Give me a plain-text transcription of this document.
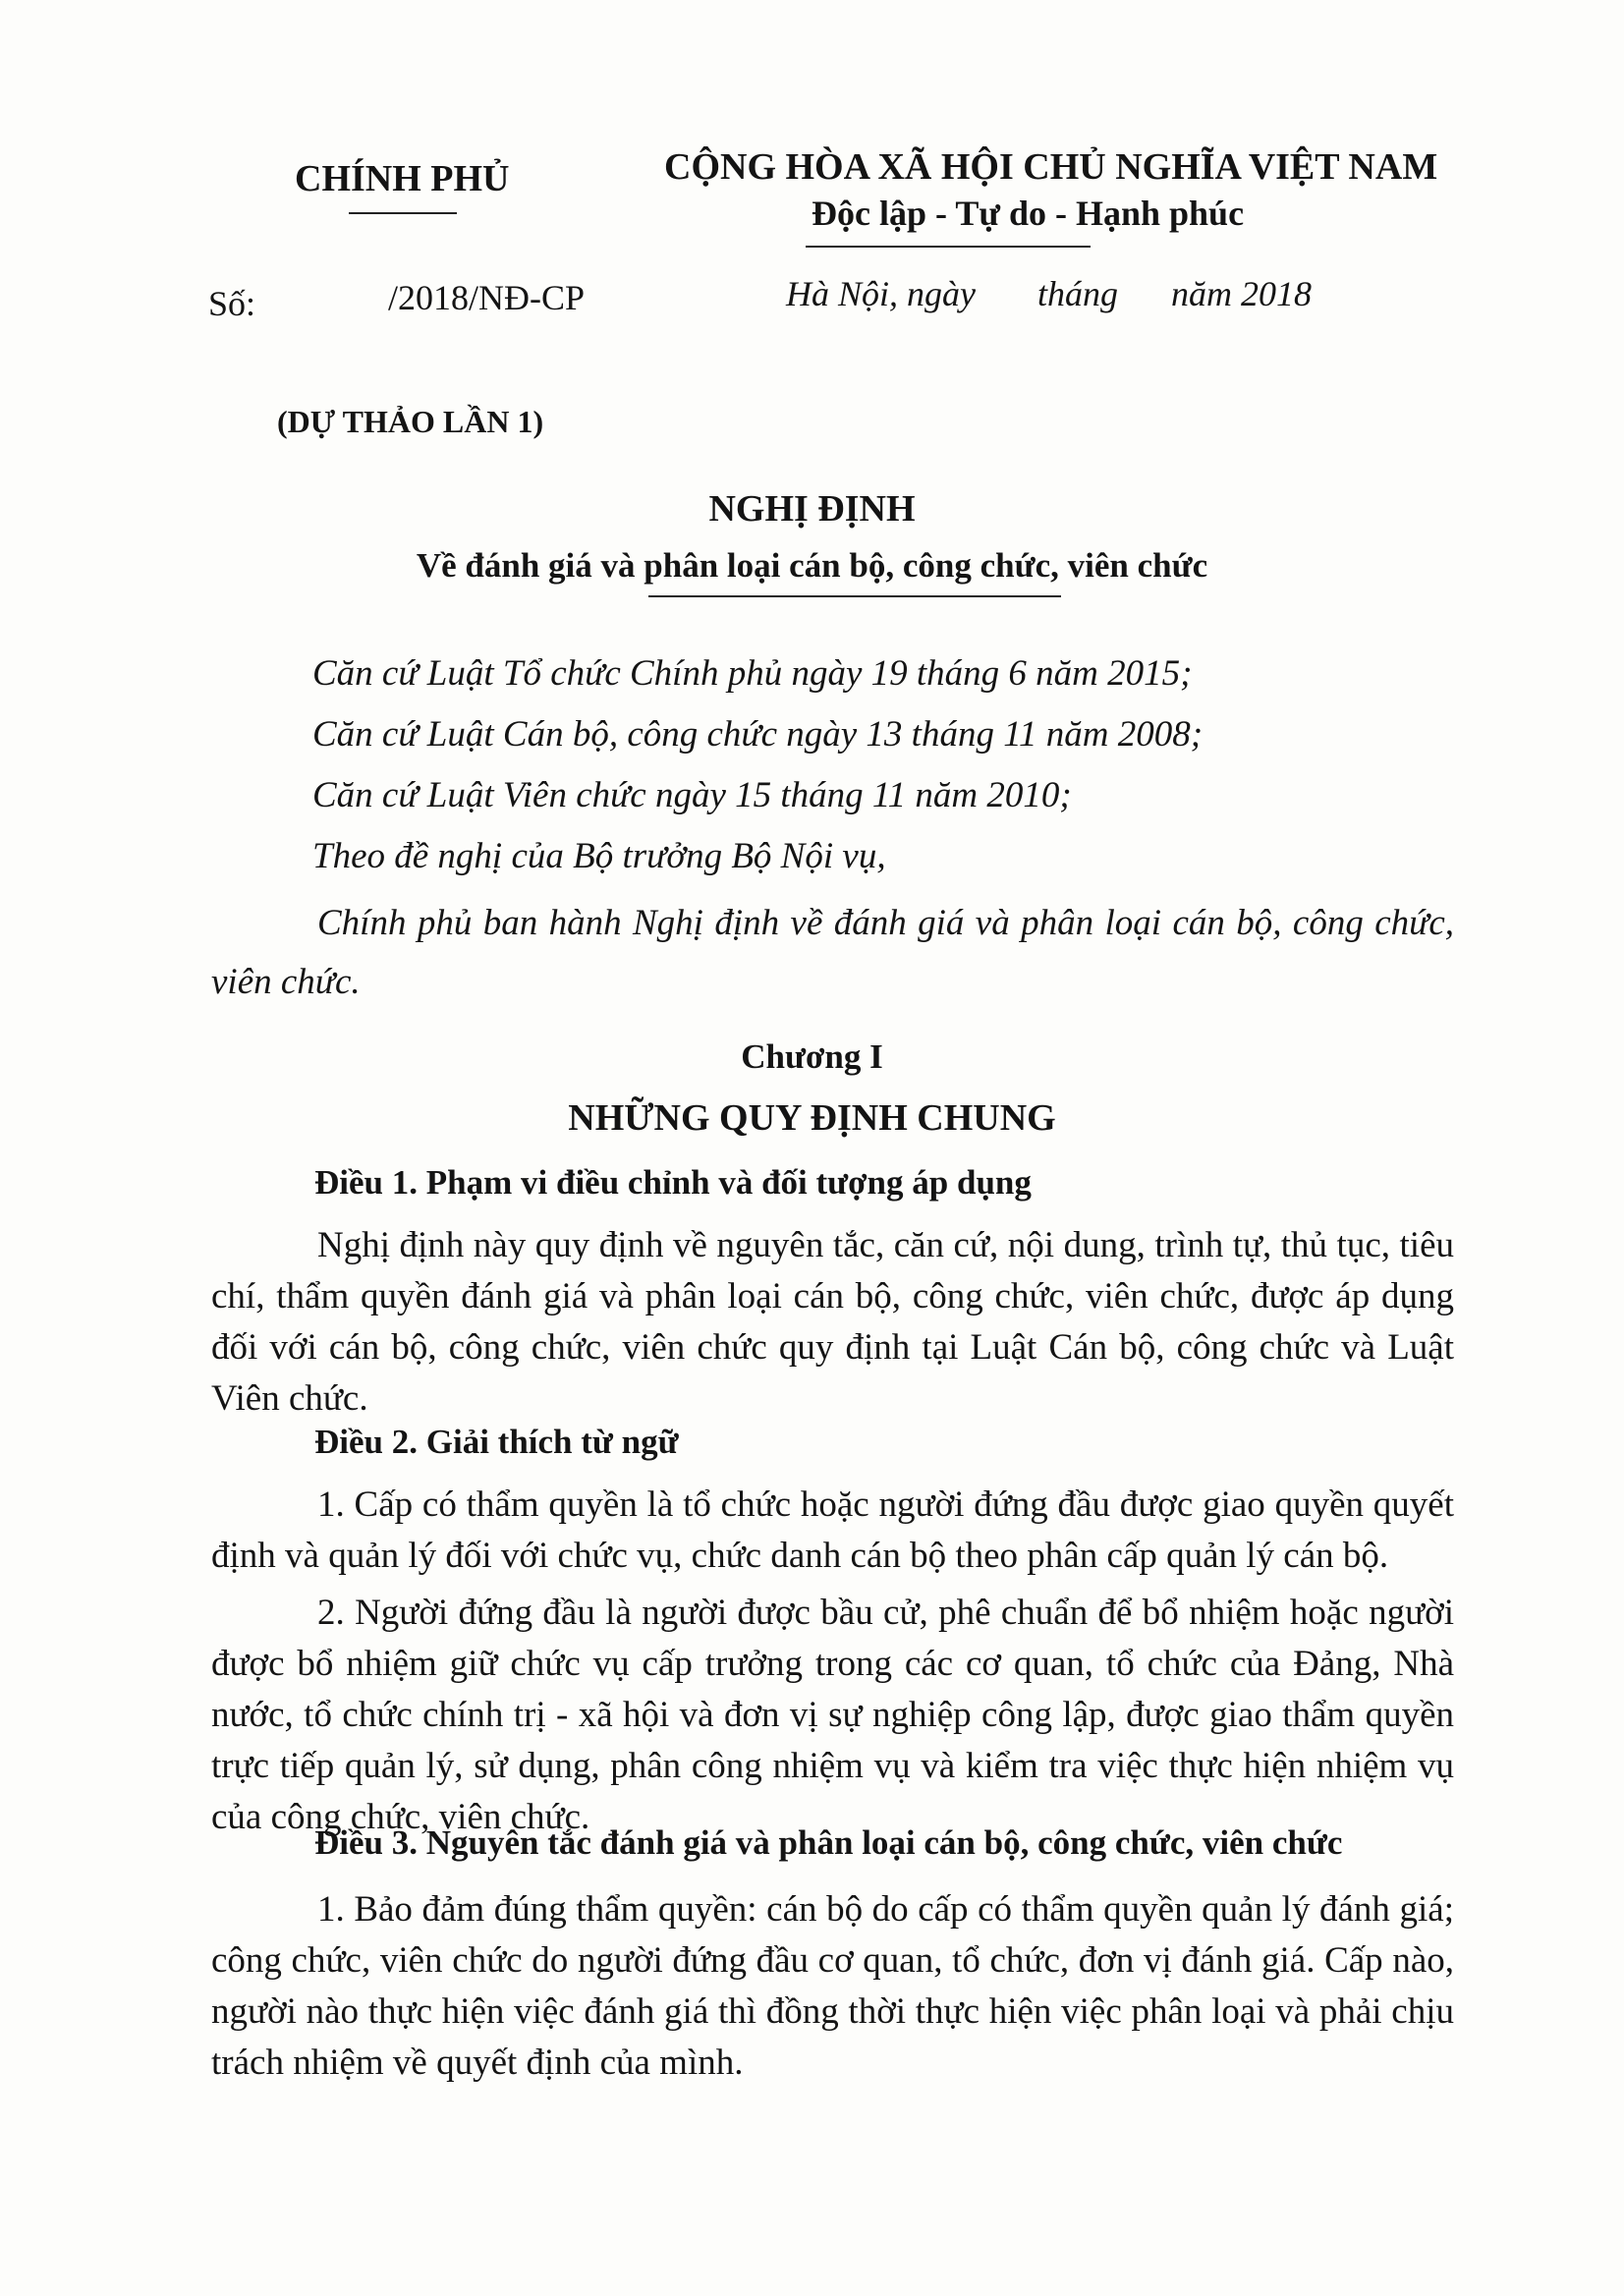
CHÍNH PHỦ	CỘNG HÒA XÃ HỘI CHỦ NGHĨA VIỆT NAM
Độc lập - Tự do - Hạnh phúc
Số:	/2018/NĐ-CP	Hà Nội, ngày       tháng      năm 2018
(DỰ THẢO LẦN 1)
NGHỊ ĐỊNH
Về đánh giá và phân loại cán bộ, công chức, viên chức
Căn cứ Luật Tổ chức Chính phủ ngày 19 tháng 6 năm 2015;
Căn cứ Luật Cán bộ, công chức ngày 13 tháng 11 năm 2008;
Căn cứ Luật Viên chức ngày 15 tháng 11 năm 2010;
Theo đề nghị của Bộ trưởng Bộ Nội vụ,
Chính phủ ban hành Nghị định về đánh giá và phân loại cán bộ, công chức, viên chức.
Chương I
NHỮNG QUY ĐỊNH CHUNG
Điều 1. Phạm vi điều chỉnh và đối tượng áp dụng
Nghị định này quy định về nguyên tắc, căn cứ, nội dung, trình tự, thủ tục, tiêu chí, thẩm quyền đánh giá và phân loại cán bộ, công chức, viên chức, được áp dụng đối với cán bộ, công chức, viên chức quy định tại Luật Cán bộ, công chức và Luật Viên chức.
Điều 2. Giải thích từ ngữ
1. Cấp có thẩm quyền là tổ chức hoặc người đứng đầu được giao quyền quyết định và quản lý đối với chức vụ, chức danh cán bộ theo phân cấp quản lý cán bộ.
2. Người đứng đầu là người được bầu cử, phê chuẩn để bổ nhiệm hoặc người được bổ nhiệm giữ chức vụ cấp trưởng trong các cơ quan, tổ chức của Đảng, Nhà nước, tổ chức chính trị - xã hội và đơn vị sự nghiệp công lập, được giao thẩm quyền trực tiếp quản lý, sử dụng, phân công nhiệm vụ và kiểm tra việc thực hiện nhiệm vụ của công chức, viên chức.
Điều 3. Nguyên tắc đánh giá và phân loại cán bộ, công chức, viên chức
1. Bảo đảm đúng thẩm quyền: cán bộ do cấp có thẩm quyền quản lý đánh giá; công chức, viên chức do người đứng đầu cơ quan, tổ chức, đơn vị đánh giá. Cấp nào, người nào thực hiện việc đánh giá thì đồng thời thực hiện việc phân loại và phải chịu trách nhiệm về quyết định của mình.
